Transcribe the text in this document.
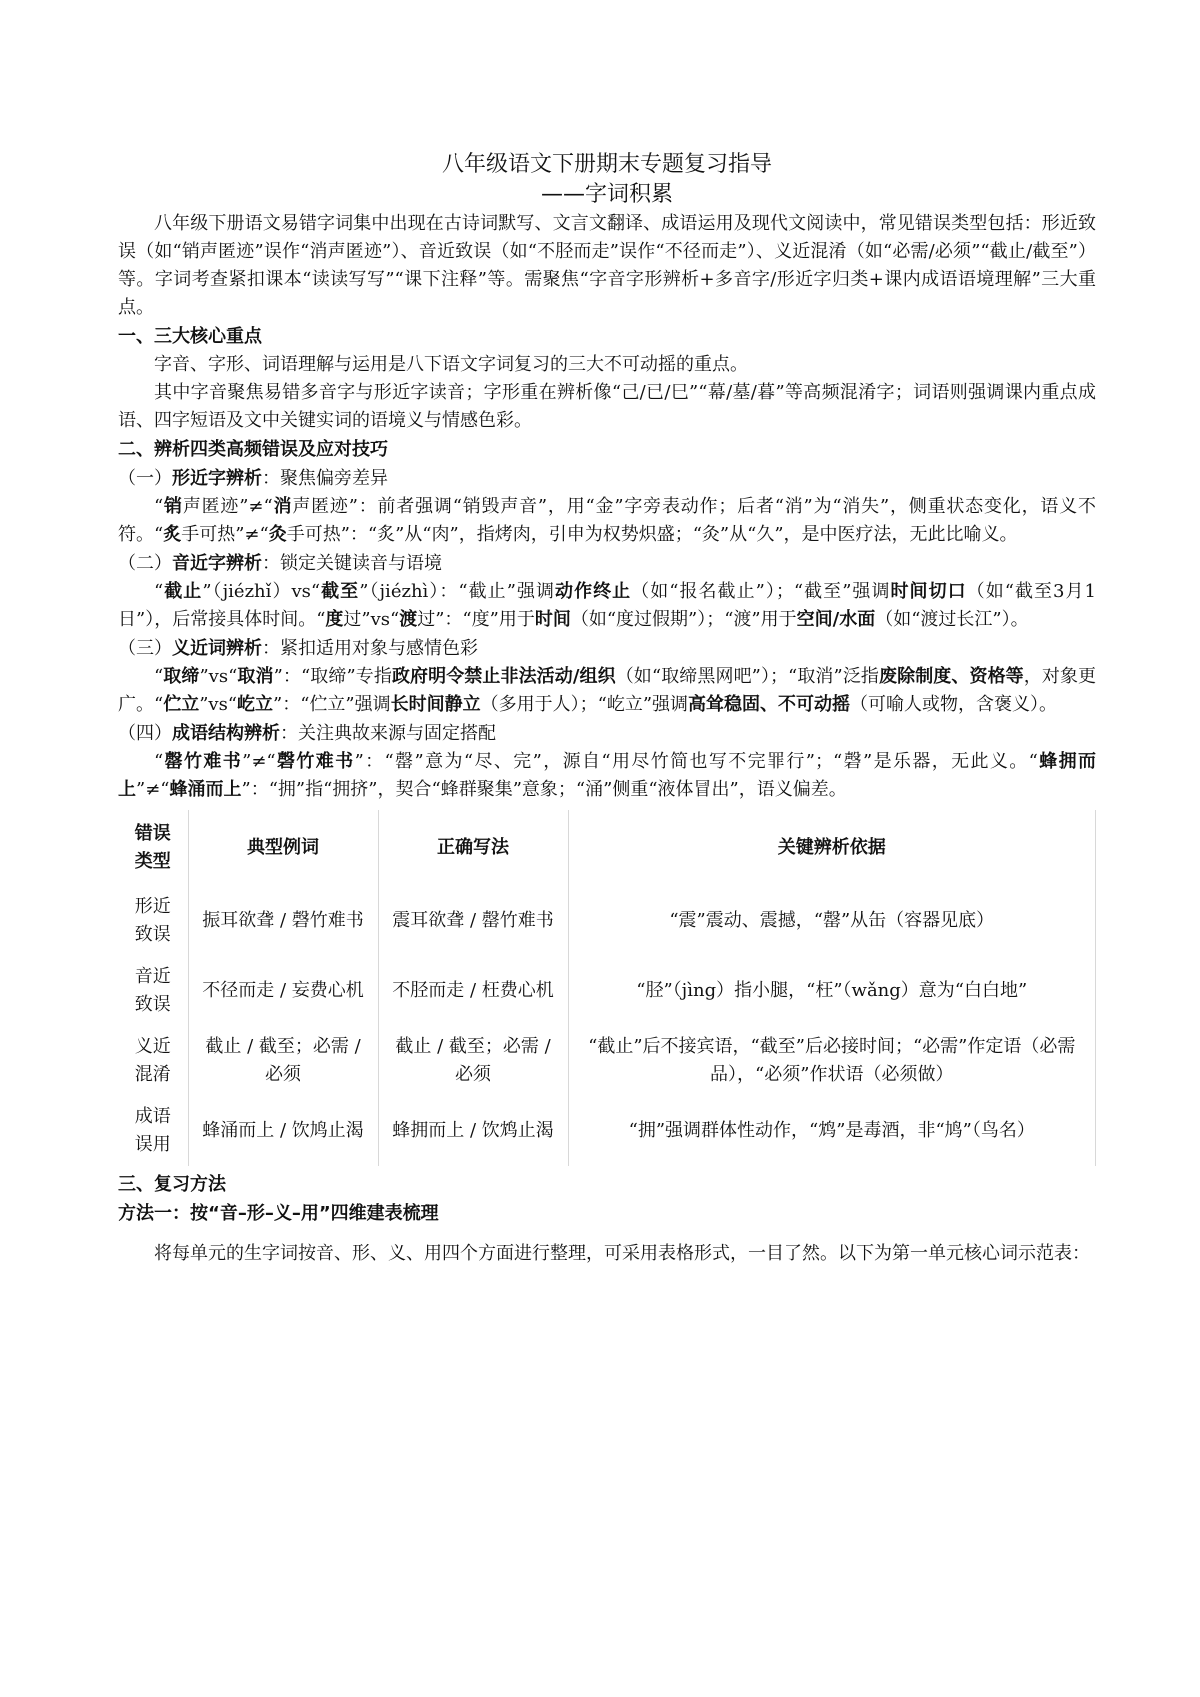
八年级语文下册期末专题复习指导

——字词积累

八年级下册语文易错字词集中出现在古诗词默写、文言文翻译、成语运用及现代文阅读中，常见错误类型包括：形近致误（如“销声匿迹”误作“消声匿迹”）、音近致误（如“不胫而走”误作“不径而走”）、义近混淆（如“必需/必须”“截止/截至”）等。字词考查紧扣课本“读读写写”“课下注释”等。需聚焦“字音字形辨析+多音字/形近字归类+课内成语语境理解”三大重点。

一、三大核心重点

字音、字形、词语理解与运用是八下语文字词复习的三大不可动摇的重点。

其中字音聚焦易错多音字与形近字读音；字形重在辨析像“己/已/巳”“幕/墓/暮”等高频混淆字；词语则强调课内重点成语、四字短语及文中关键实词的语境义与情感色彩。

二、辨析四类高频错误及应对技巧

（一）形近字辨析：聚焦偏旁差异

“销声匿迹”≠“消声匿迹”：前者强调“销毁声音”，用“金”字旁表动作；后者“消”为“消失”，侧重状态变化，语义不符。“炙手可热”≠“灸手可热”：“炙”从“肉”，指烤肉，引申为权势炽盛；“灸”从“久”，是中医疗法，无此比喻义。

（二）音近字辨析：锁定关键读音与语境

“截止”（jiézhǐ）vs“截至”（jiézhì）：“截止”强调动作终止（如“报名截止”）；“截至”强调时间切口（如“截至3月1日”），后常接具体时间。“度过”vs“渡过”：“度”用于时间（如“度过假期”）；“渡”用于空间/水面（如“渡过长江”）。

（三）义近词辨析：紧扣适用对象与感情色彩

“取缔”vs“取消”：“取缔”专指政府明令禁止非法活动/组织（如“取缔黑网吧”）；“取消”泛指废除制度、资格等，对象更广。“伫立”vs“屹立”：“伫立”强调长时间静立（多用于人）；“屹立”强调高耸稳固、不可动摇（可喻人或物，含褒义）。

（四）成语结构辨析：关注典故来源与固定搭配

“罄竹难书”≠“磬竹难书”：“罄”意为“尽、完”，源自“用尽竹简也写不完罪行”；“磬”是乐器，无此义。“蜂拥而上”≠“蜂涌而上”：“拥”指“拥挤”，契合“蜂群聚集”意象；“涌”侧重“液体冒出”，语义偏差。

错误类型	典型例词	正确写法	关键辨析依据
形近致误	振耳欲聋 / 磬竹难书	震耳欲聋 / 罄竹难书	“震”震动、震撼，“罄”从缶（容器见底）
音近致误	不径而走 / 妄费心机	不胫而走 / 枉费心机	“胫”（jìng）指小腿，“枉”（wǎng）意为“白白地”
义近混淆	截止 / 截至；必需 / 必须	截止 / 截至；必需 / 必须	“截止”后不接宾语，“截至”后必接时间；“必需”作定语（必需品），“必须”作状语（必须做）
成语误用	蜂涌而上 / 饮鸠止渴	蜂拥而上 / 饮鸩止渴	“拥”强调群体性动作，“鸩”是毒酒，非“鸠”（鸟名）

三、复习方法

方法一：按“音–形–义–用”四维建表梳理

将每单元的生字词按音、形、义、用四个方面进行整理，可采用表格形式，一目了然。以下为第一单元核心词示范表：
